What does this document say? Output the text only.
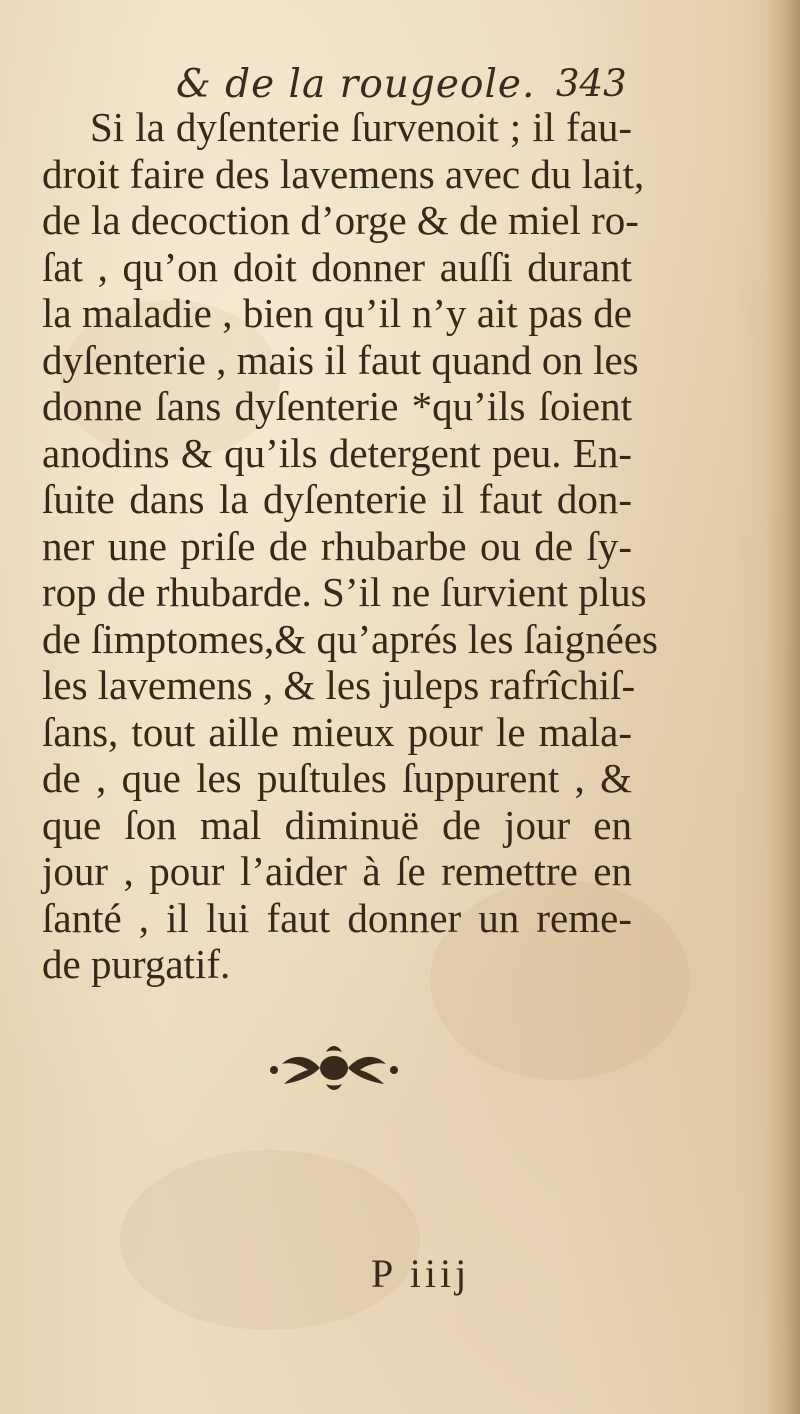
& de la rougeole. 343
Si la dyſenterie ſurvenoit ; il fau-
droit faire des lavemens avec du lait,
de la decoction d’orge & de miel ro-
ſat , qu’on doit donner auſſi durant
la maladie , bien qu’il n’y ait pas de
dyſenterie , mais il faut quand on les
donne ſans dyſenterie *qu’ils ſoient
anodins & qu’ils detergent peu. En-
ſuite dans la dyſenterie il faut don-
ner une priſe de rhubarbe ou de ſy-
rop de rhubarde. S’il ne ſurvient plus
de ſimptomes,& qu’aprés les ſaignées
les lavemens , & les juleps rafrîchiſ-
ſans, tout aille mieux pour le mala-
de , que les puſtules ſuppurent , &
que ſon mal diminuë de jour en
jour , pour l’aider à ſe remettre en
ſanté , il lui faut donner un reme-
de purgatif.
P iiij
